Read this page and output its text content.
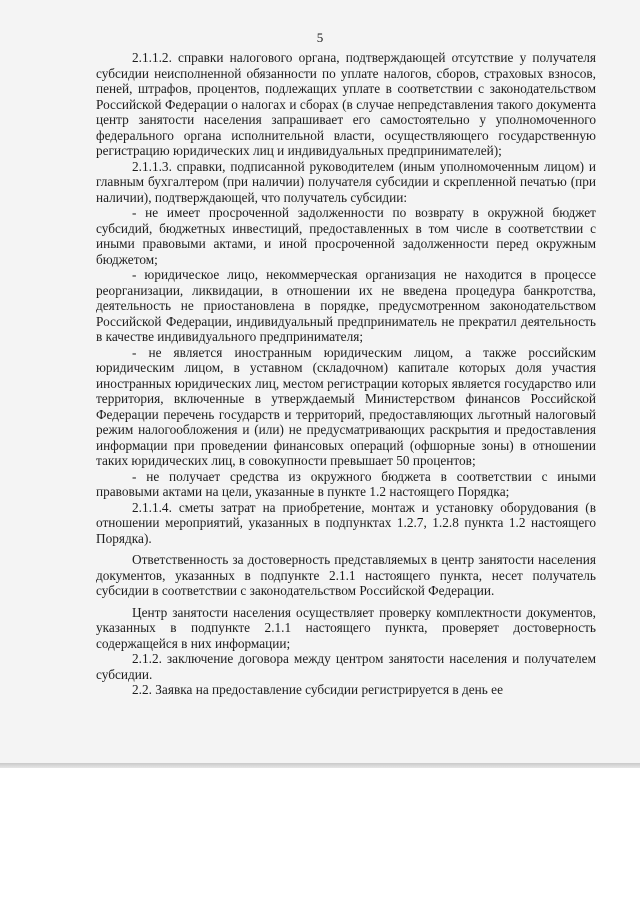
5

2.1.1.2. справки налогового органа, подтверждающей отсутствие у получателя субсидии неисполненной обязанности по уплате налогов, сборов, страховых взносов, пеней, штрафов, процентов, подлежащих уплате в соответствии с законодательством Российской Федерации о налогах и сборах (в случае непредставления такого документа центр занятости населения запрашивает его самостоятельно у уполномоченного федерального органа исполнительной власти, осуществляющего государственную регистрацию юридических лиц и индивидуальных предпринимателей);

2.1.1.3. справки, подписанной руководителем (иным уполномоченным лицом) и главным бухгалтером (при наличии) получателя субсидии и скрепленной печатью (при наличии), подтверждающей, что получатель субсидии:

- не имеет просроченной задолженности по возврату в окружной бюджет субсидий, бюджетных инвестиций, предоставленных в том числе в соответствии с иными правовыми актами, и иной просроченной задолженности перед окружным бюджетом;

- юридическое лицо, некоммерческая организация не находится в процессе реорганизации, ликвидации, в отношении их не введена процедура банкротства, деятельность не приостановлена в порядке, предусмотренном законодательством Российской Федерации, индивидуальный предприниматель не прекратил деятельность в качестве индивидуального предпринимателя;

- не является иностранным юридическим лицом, а также российским юридическим лицом, в уставном (складочном) капитале которых доля участия иностранных юридических лиц, местом регистрации которых является государство или территория, включенные в утверждаемый Министерством финансов Российской Федерации перечень государств и территорий, предоставляющих льготный налоговый режим налогообложения и (или) не предусматривающих раскрытия и предоставления информации при проведении финансовых операций (офшорные зоны) в отношении таких юридических лиц, в совокупности превышает 50 процентов;

- не получает средства из окружного бюджета в соответствии с иными правовыми актами на цели, указанные в пункте 1.2 настоящего Порядка;

2.1.1.4. сметы затрат на приобретение, монтаж и установку оборудования (в отношении мероприятий, указанных в подпунктах 1.2.7, 1.2.8 пункта 1.2 настоящего Порядка).

Ответственность за достоверность представляемых в центр занятости населения документов, указанных в подпункте 2.1.1 настоящего пункта, несет получатель субсидии в соответствии с законодательством Российской Федерации.

Центр занятости населения осуществляет проверку комплектности документов, указанных в подпункте 2.1.1 настоящего пункта, проверяет достоверность содержащейся в них информации;

2.1.2. заключение договора между центром занятости населения и получателем субсидии.

2.2. Заявка на предоставление субсидии регистрируется в день ее
